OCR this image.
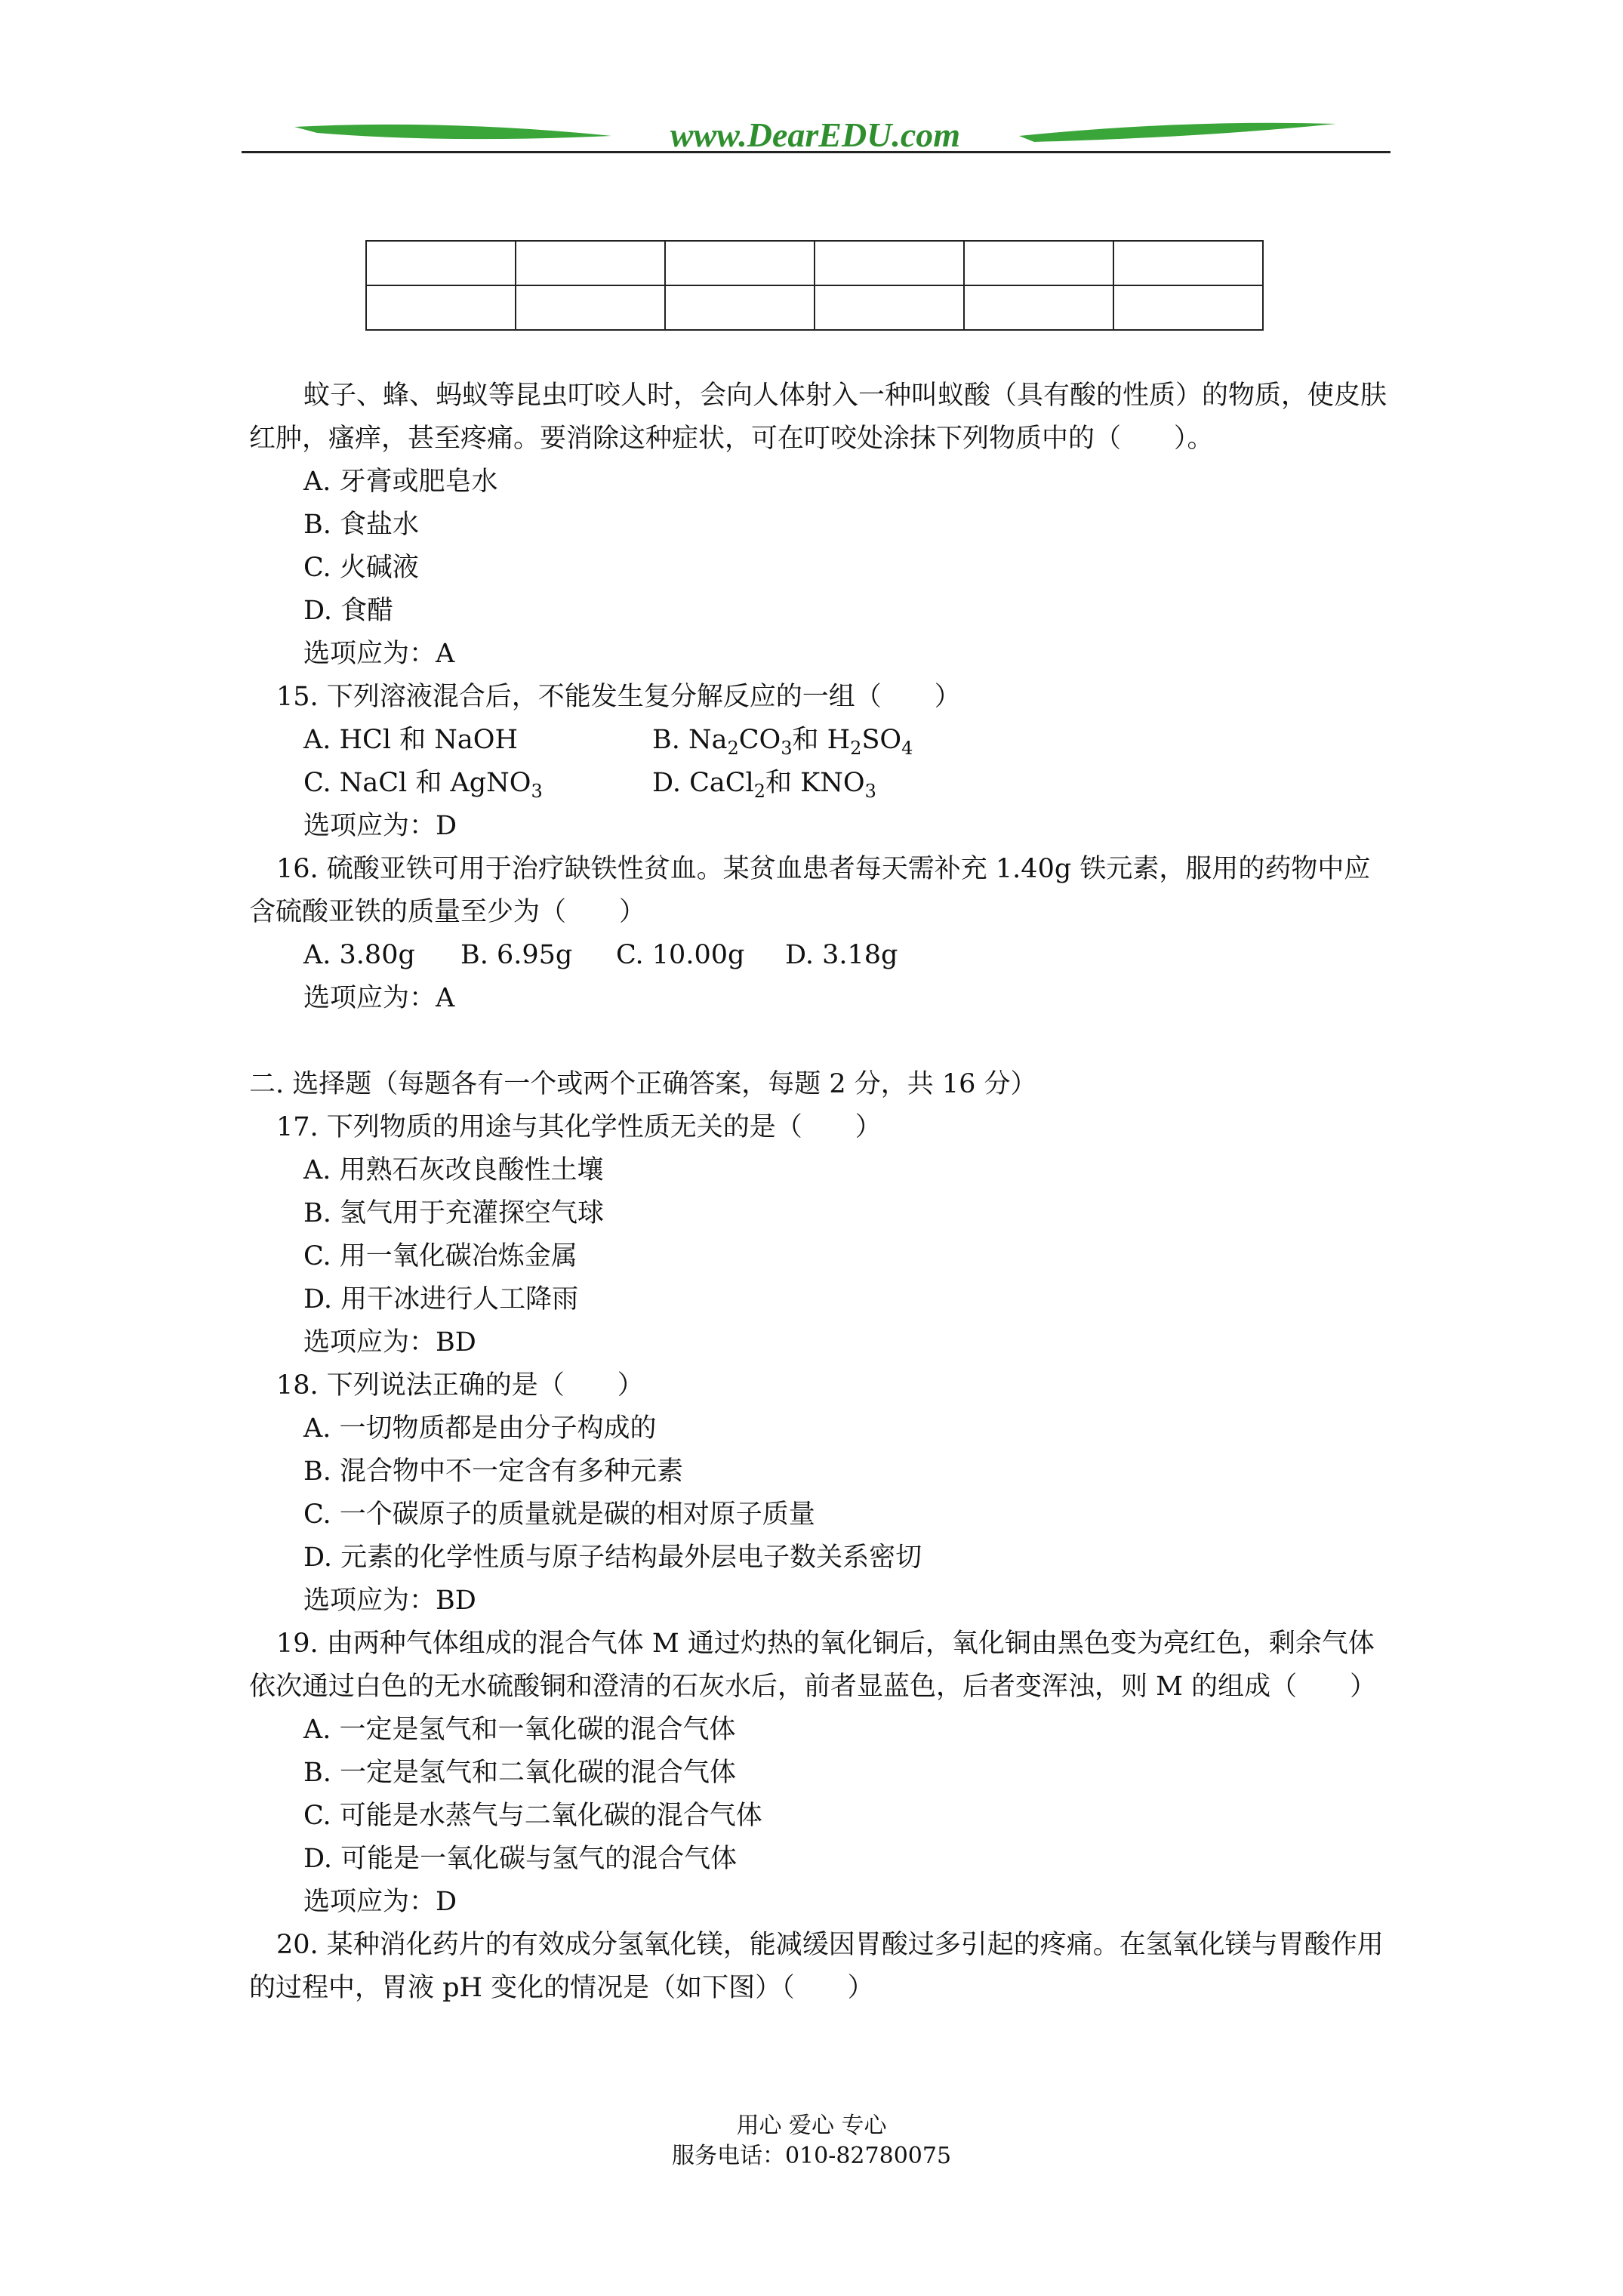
www.DearEDU.com

蚊子、蜂、蚂蚁等昆虫叮咬人时，会向人体射入一种叫蚁酸（具有酸的性质）的物质，使皮肤红肿，瘙痒，甚至疼痛。要消除这种症状，可在叮咬处涂抹下列物质中的（　　）。

A. 牙膏或肥皂水

B. 食盐水

C. 火碱液

D. 食醋

选项应为：A

15. 下列溶液混合后，不能发生复分解反应的一组（　　）

A. HCl 和 NaOH	B. $Na_2CO_3$和 $H_2SO_4$
C. NaCl 和 AgNO$_3$	D. CaCl$_2$和 $KNO_3$

选项应为：D

16. 硫酸亚铁可用于治疗缺铁性贫血。某贫血患者每天需补充 1.40g 铁元素，服用的药物中应含硫酸亚铁的质量至少为（　　）

A. 3.80g	B. 6.95g	C. 10.00g	D. 3.18g

选项应为：A

二. 选择题（每题各有一个或两个正确答案，每题 2 分，共 16 分）

17. 下列物质的用途与其化学性质无关的是（　　）

A. 用熟石灰改良酸性土壤

B. 氢气用于充灌探空气球

C. 用一氧化碳冶炼金属

D. 用干冰进行人工降雨

选项应为：BD

18. 下列说法正确的是（　　）

A. 一切物质都是由分子构成的

B. 混合物中不一定含有多种元素

C. 一个碳原子的质量就是碳的相对原子质量

D. 元素的化学性质与原子结构最外层电子数关系密切

选项应为：BD

19. 由两种气体组成的混合气体 M 通过灼热的氧化铜后，氧化铜由黑色变为亮红色，剩余气体依次通过白色的无水硫酸铜和澄清的石灰水后，前者显蓝色，后者变浑浊，则 M 的组成（　　）

A. 一定是氢气和一氧化碳的混合气体

B. 一定是氢气和二氧化碳的混合气体

C. 可能是水蒸气与二氧化碳的混合气体

D. 可能是一氧化碳与氢气的混合气体

选项应为：D

20. 某种消化药片的有效成分氢氧化镁，能减缓因胃酸过多引起的疼痛。在氢氧化镁与胃酸作用的过程中，胃液 pH 变化的情况是（如下图）（　　）

用心 爱心 专心
服务电话：010-82780075
